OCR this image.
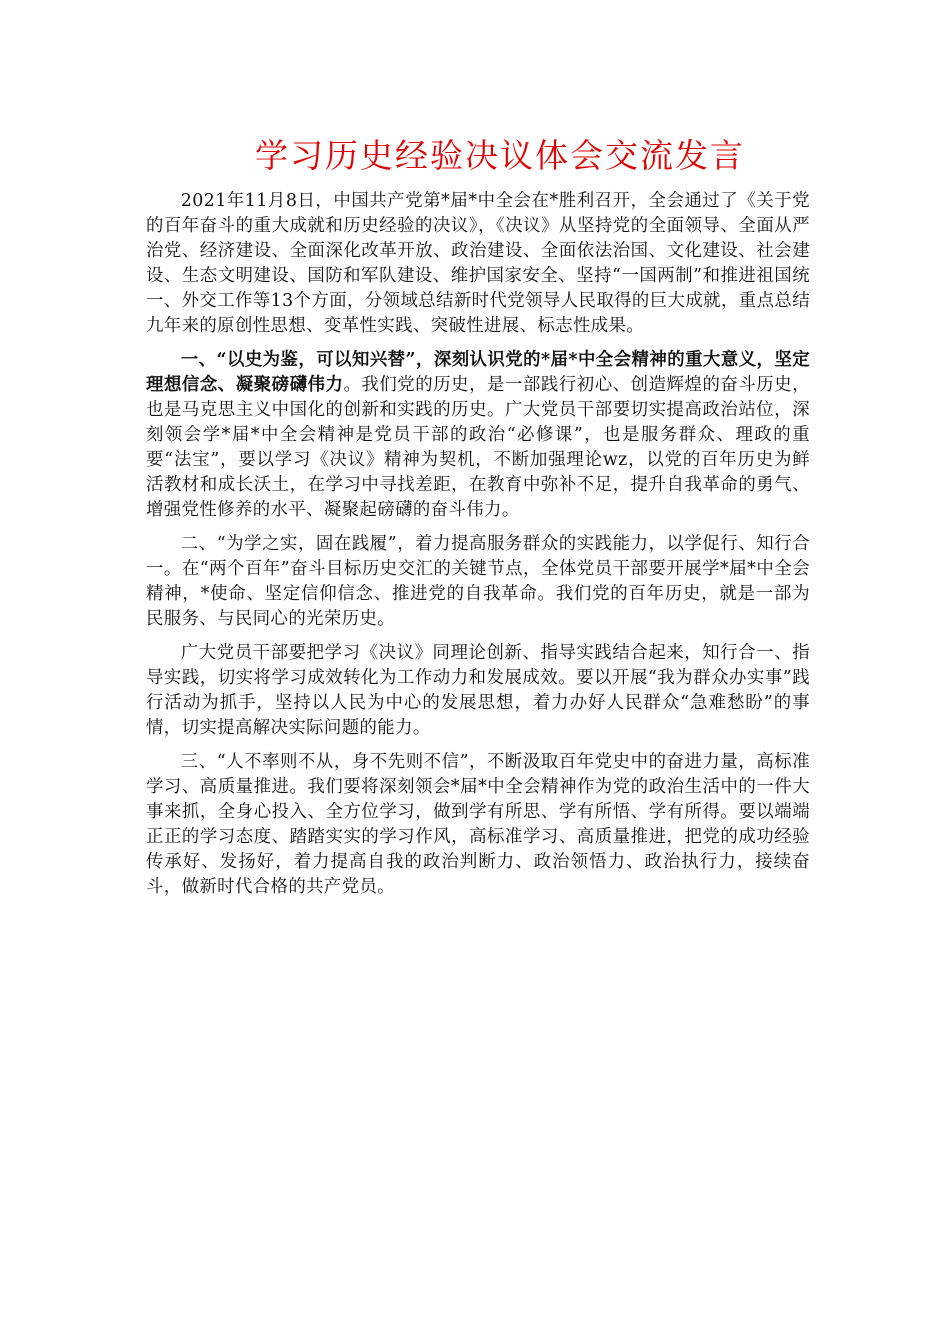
学习历史经验决议体会交流发言

2021年11月8日，中国共产党第*届*中全会在*胜利召开，全会通过了《关于党的百年奋斗的重大成就和历史经验的决议》，《决议》从坚持党的全面领导、全面从严治党、经济建设、全面深化改革开放、政治建设、全面依法治国、文化建设、社会建设、生态文明建设、国防和军队建设、维护国家安全、坚持“一国两制”和推进祖国统一、外交工作等13个方面，分领域总结新时代党领导人民取得的巨大成就，重点总结九年来的原创性思想、变革性实践、突破性进展、标志性成果。

一、“以史为鉴，可以知兴替”，深刻认识党的*届*中全会精神的重大意义，坚定理想信念、凝聚磅礴伟力。我们党的历史，是一部践行初心、创造辉煌的奋斗历史，也是马克思主义中国化的创新和实践的历史。广大党员干部要切实提高政治站位，深刻领会学*届*中全会精神是党员干部的政治“必修课”，也是服务群众、理政的重要“法宝”，要以学习《决议》精神为契机，不断加强理论wz，以党的百年历史为鲜活教材和成长沃土，在学习中寻找差距，在教育中弥补不足，提升自我革命的勇气、增强党性修养的水平、凝聚起磅礴的奋斗伟力。

二、“为学之实，固在践履”，着力提高服务群众的实践能力，以学促行、知行合一。在“两个百年”奋斗目标历史交汇的关键节点，全体党员干部要开展学*届*中全会精神，*使命、坚定信仰信念、推进党的自我革命。我们党的百年历史，就是一部为民服务、与民同心的光荣历史。

广大党员干部要把学习《决议》同理论创新、指导实践结合起来，知行合一、指导实践，切实将学习成效转化为工作动力和发展成效。要以开展“我为群众办实事”践行活动为抓手，坚持以人民为中心的发展思想，着力办好人民群众“急难愁盼”的事情，切实提高解决实际问题的能力。

三、“人不率则不从，身不先则不信”，不断汲取百年党史中的奋进力量，高标准学习、高质量推进。我们要将深刻领会*届*中全会精神作为党的政治生活中的一件大事来抓，全身心投入、全方位学习，做到学有所思、学有所悟、学有所得。要以端端正正的学习态度、踏踏实实的学习作风，高标准学习、高质量推进，把党的成功经验传承好、发扬好，着力提高自我的政治判断力、政治领悟力、政治执行力，接续奋斗，做新时代合格的共产党员。
